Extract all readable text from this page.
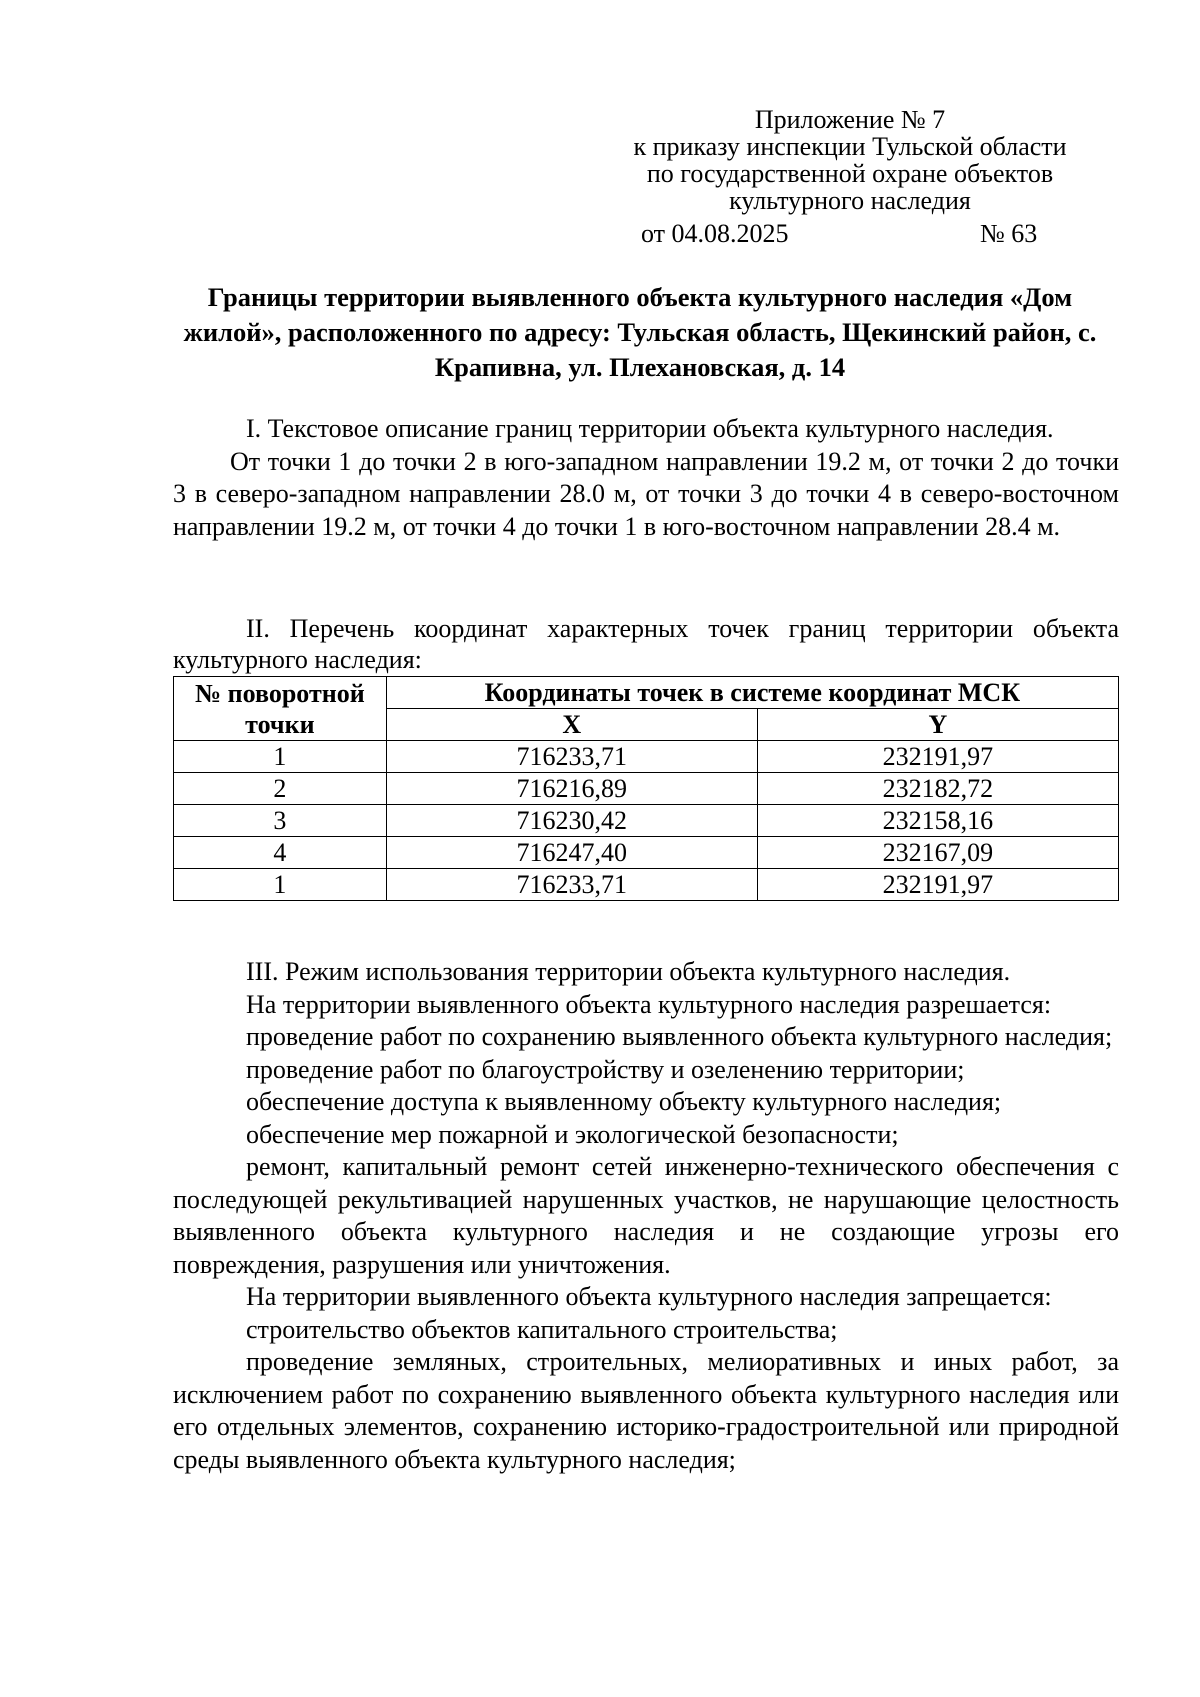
Приложение № 7
к приказу инспекции Тульской области
по государственной охране объектов
культурного наследия
от 04.08.2025	№ 63
Границы территории выявленного объекта культурного наследия «Дом жилой», расположенного по адресу: Тульская область, Щекинский район, с. Крапивна, ул. Плехановская, д. 14

I. Текстовое описание границ территории объекта культурного наследия.

От точки 1 до точки 2 в юго-западном направлении 19.2 м, от точки 2 до точки 3 в северо-западном направлении 28.0 м, от точки 3 до точки 4 в северо-восточном направлении 19.2 м, от точки 4 до точки 1 в юго-восточном направлении 28.4 м.

II. Перечень координат характерных точек границ территории объекта культурного наследия:

№ поворотной точки	Координаты точек в системе координат МСК	
	X	Y
1	716233,71	232191,97
2	716216,89	232182,72
3	716230,42	232158,16
4	716247,40	232167,09
1	716233,71	232191,97

III. Режим использования территории объекта культурного наследия.

На территории выявленного объекта культурного наследия разрешается:

проведение работ по сохранению выявленного объекта культурного наследия;

проведение работ по благоустройству и озеленению территории;

обеспечение доступа к выявленному объекту культурного наследия;

обеспечение мер пожарной и экологической безопасности;

ремонт, капитальный ремонт сетей инженерно-технического обеспечения с последующей рекультивацией нарушенных участков, не нарушающие целостность выявленного объекта культурного наследия и не создающие угрозы его повреждения, разрушения или уничтожения.

На территории выявленного объекта культурного наследия запрещается:

строительство объектов капитального строительства;

проведение земляных, строительных, мелиоративных и иных работ, за исключением работ по сохранению выявленного объекта культурного наследия или его отдельных элементов, сохранению историко-градостроительной или природной среды выявленного объекта культурного наследия;
